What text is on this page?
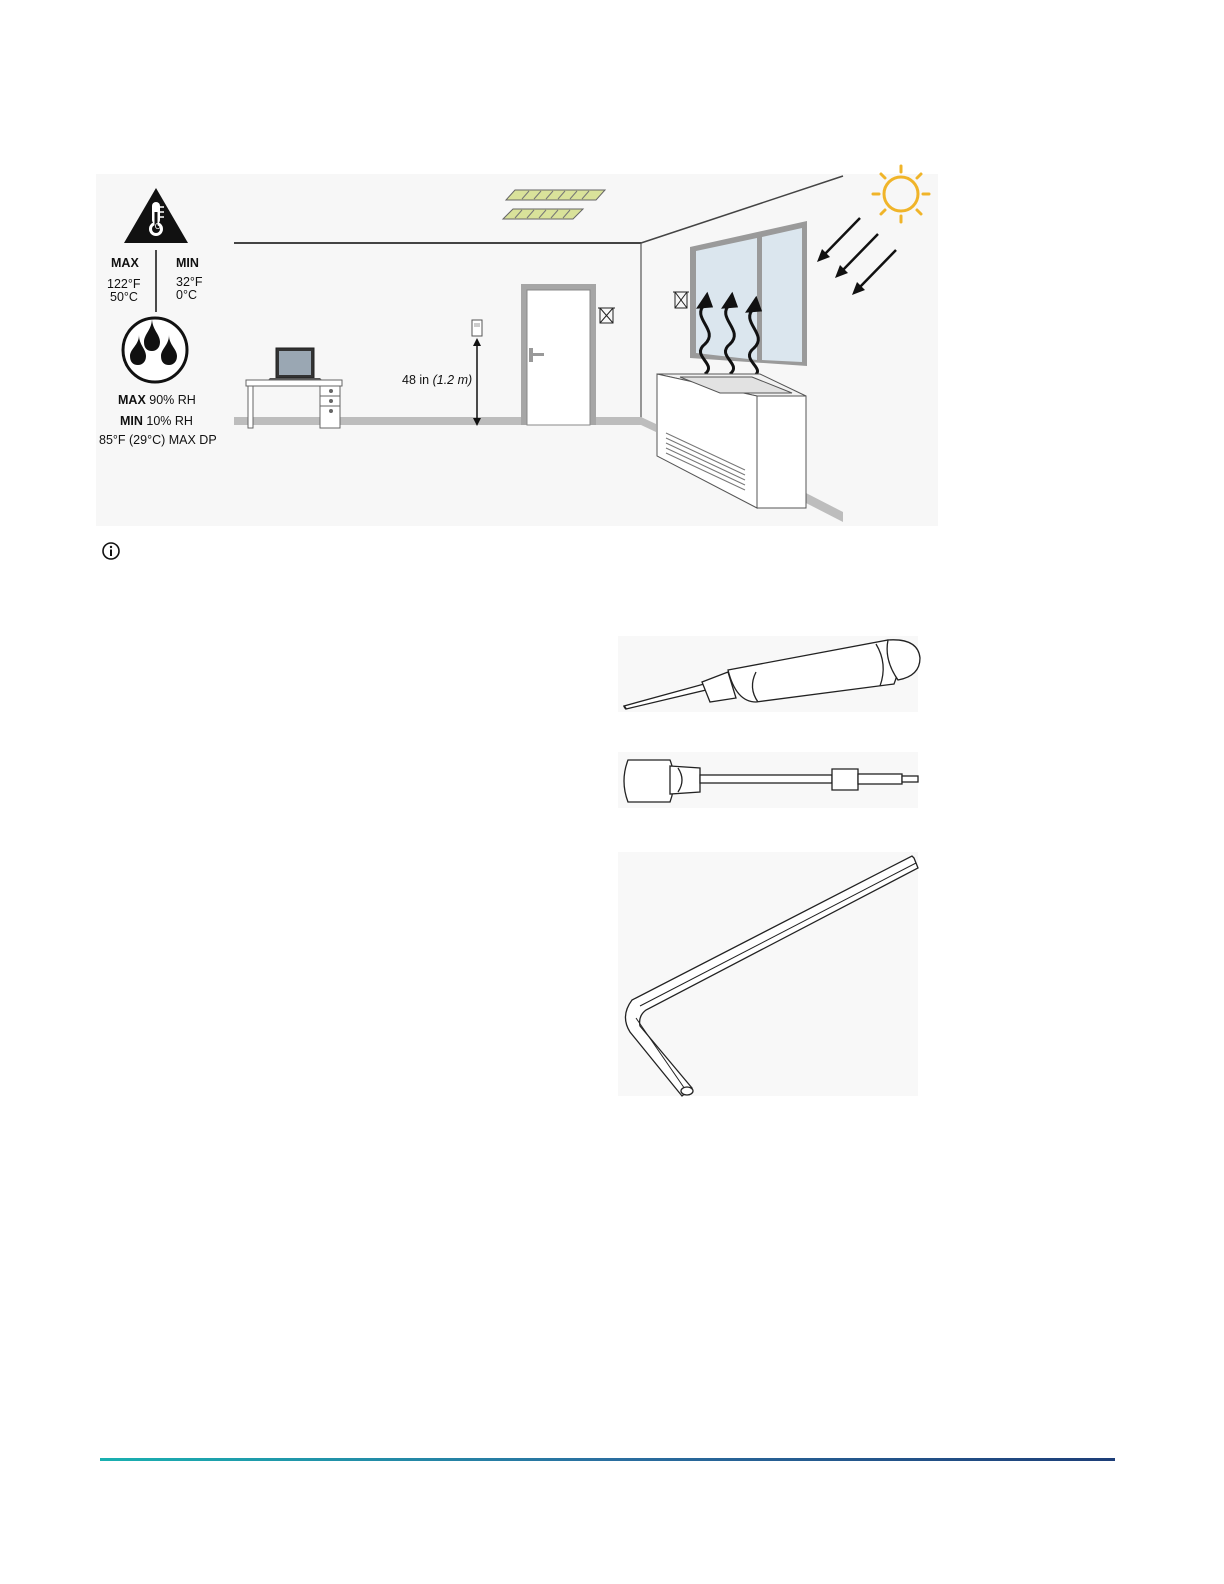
°C
MAX	MIN
122°F
50°C
32°F
0°C
MAX 90% RH
MIN 10% RH
85°F (29°C) MAX DP
48 in (1.2 m)
